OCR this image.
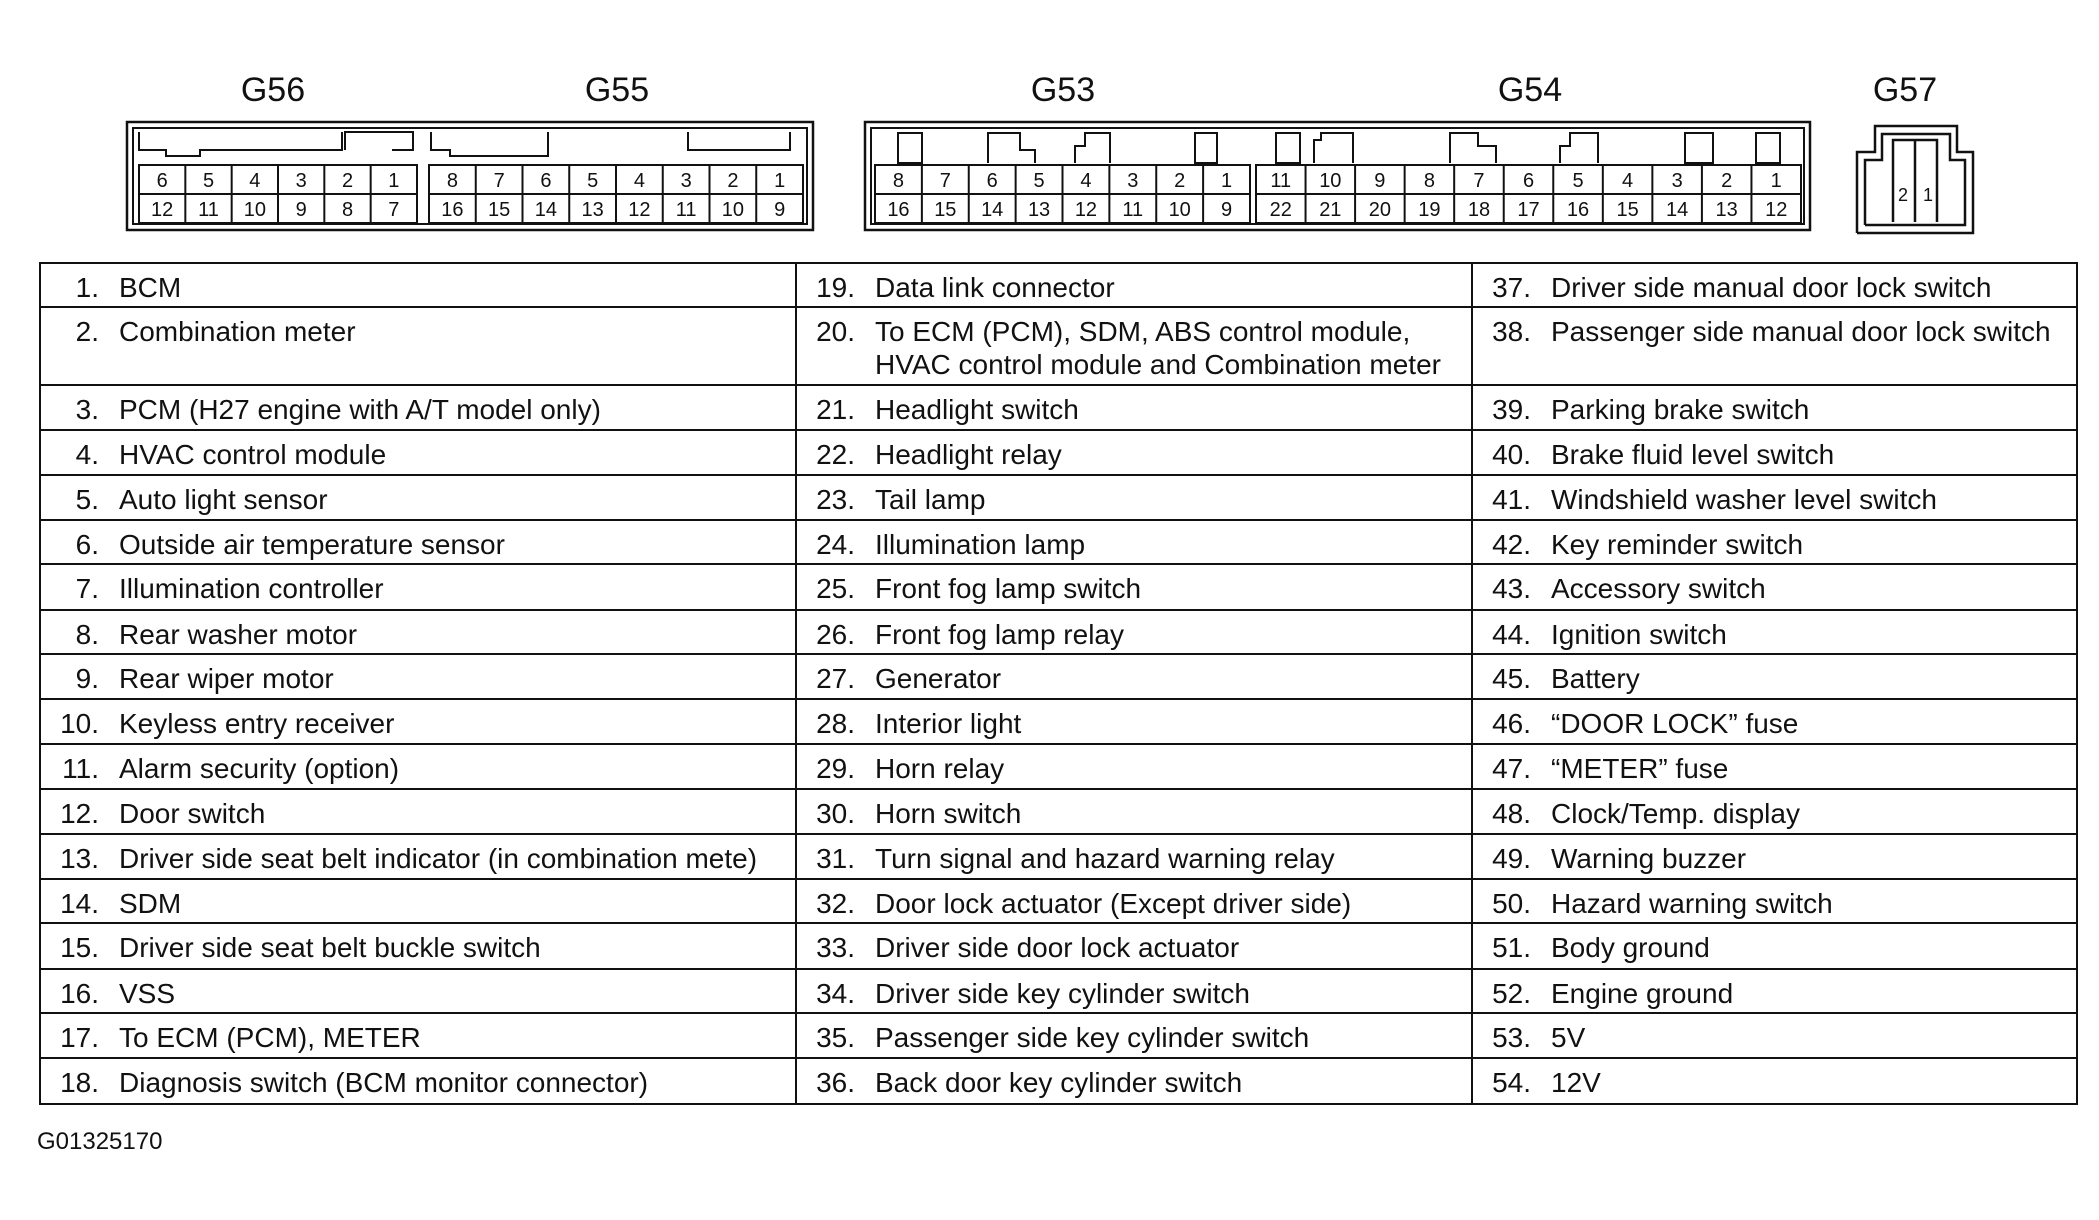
G56	G55	G53	G54	G57
6 5 4 3 2 1
12 11 10 9 8 7
8 7 6 5 4 3 2 1
16 15 14 13 12 11 10 9
8 7 6 5 4 3 2 1
16 15 14 13 12 11 10 9
11 10 9 8 7 6 5 4 3 2 1
22 21 20 19 18 17 16 15 14 13 12
2 1
1. BCM	19. Data link connector	37. Driver side manual door lock switch

2. Combination meter	20. To ECM (PCM), SDM, ABS control module,
HVAC control module and Combination meter	38. Passenger side manual door lock switch

3. PCM (H27 engine with A/T model only)	21. Headlight switch	39. Parking brake switch

4. HVAC control module	22. Headlight relay	40. Brake fluid level switch

5. Auto light sensor	23. Tail lamp	41. Windshield washer level switch

6. Outside air temperature sensor	24. Illumination lamp	42. Key reminder switch

7. Illumination controller	25. Front fog lamp switch	43. Accessory switch

8. Rear washer motor	26. Front fog lamp relay	44. Ignition switch

9. Rear wiper motor	27. Generator	45. Battery

10. Keyless entry receiver	28. Interior light	46. “DOOR LOCK” fuse

11. Alarm security (option)	29. Horn relay	47. “METER” fuse

12. Door switch	30. Horn switch	48. Clock/Temp. display

13. Driver side seat belt indicator (in combination mete)	31. Turn signal and hazard warning relay	49. Warning buzzer

14. SDM	32. Door lock actuator (Except driver side)	50. Hazard warning switch

15. Driver side seat belt buckle switch	33. Driver side door lock actuator	51. Body ground

16. VSS	34. Driver side key cylinder switch	52. Engine ground

17. To ECM (PCM), METER	35. Passenger side key cylinder switch	53. 5V

18. Diagnosis switch (BCM monitor connector)	36. Back door key cylinder switch	54. 12V
G01325170
